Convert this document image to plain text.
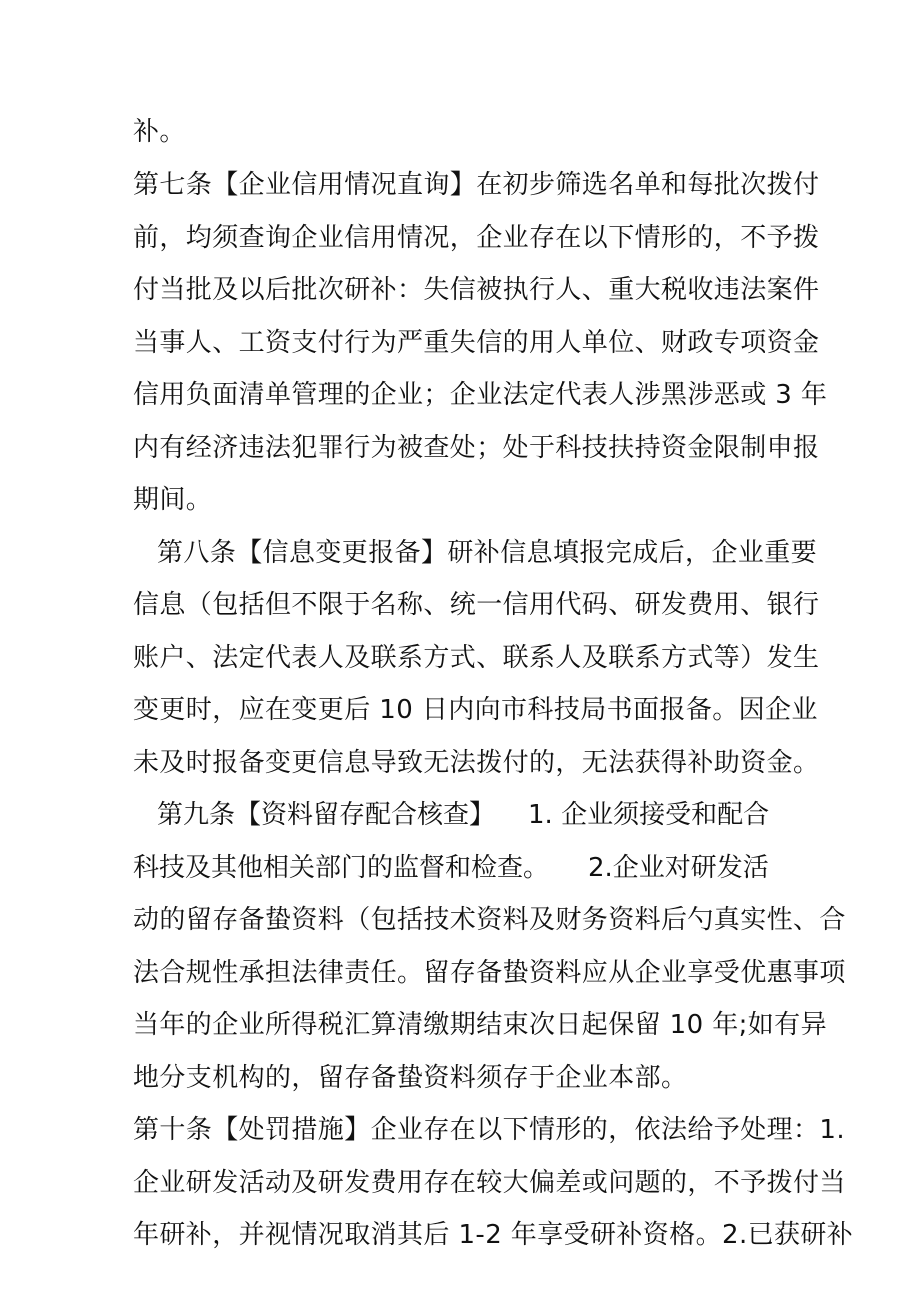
补。
第七条【企业信用情况直询】在初步筛选名单和每批次拨付
前，均须查询企业信用情况，企业存在以下情形的，不予拨
付当批及以后批次研补：失信被执行人、重大税收违法案件
当事人、工资支付行为严重失信的用人单位、财政专项资金
信用负面清单管理的企业；企业法定代表人涉黑涉恶或 3 年
内有经济违法犯罪行为被查处；处于科技扶持资金限制申报
期间。
第八条【信息变更报备】研补信息填报完成后，企业重要
信息（包括但不限于名称、统一信用代码、研发费用、银行
账户、法定代表人及联系方式、联系人及联系方式等）发生
变更时，应在变更后 10 日内向市科技局书面报备。因企业
未及时报备变更信息导致无法拨付的，无法获得补助资金。
第九条【资料留存配合核查】 1. 企业须接受和配合
科技及其他相关部门的监督和检查。 2.企业对研发活
动的留存备蛰资料（包括技术资料及财务资料后勺真实性、合
法合规性承担法律责任。留存备蛰资料应从企业享受优惠事项
当年的企业所得税汇算清缴期结束次日起保留 10 年;如有异
地分支机构的，留存备蛰资料须存于企业本部。
第十条【处罚措施】企业存在以下情形的，依法给予处理：1.
企业研发活动及研发费用存在较大偏差或问题的，不予拨付当
年研补，并视情况取消其后 1-2 年享受研补资格。2.已获研补
